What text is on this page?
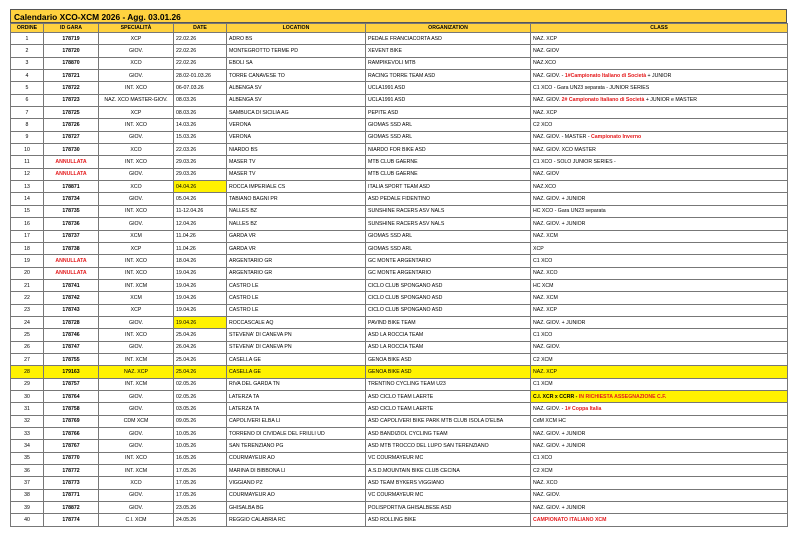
Calendario XCO-XCM 2026 - Agg. 03.01.26
ORDINE	ID GARA	SPECIALITÀ	DATE	LOCATION	ORGANIZATION	CLASS
1	178719	XCP	22.02.26	ADRO BS	PEDALE FRANCIACORTA ASD	NAZ. XCP
2	178720	GIOV.	22.02.26	MONTEGROTTO TERME PD	XEVENT BIKE	NAZ. GIOV
3	178870	XCO	22.02.26	EBOLI SA	RAMPIKEVOLI MTB	NAZ.XCO
4	178721	GIOV.	28.02-01.03.26	TORRE CANAVESE TO	RACING TORRE TEAM ASD	NAZ. GIOV. - 1#Campionato Italiano di Società + JUNIOR
5	178722	INT. XCO	06-07.03.26	ALBENGA SV	UCLA1991 ASD	C1 XCO - Gara UN23 separata - JUNIOR SERIES
6	178723	NAZ. XCO MASTER-GIOV.	08.03.26	ALBENGA SV	UCLA1991 ASD	NAZ. GIOV. 2# Campionato Italiano di Società + JUNIOR e MASTER
7	178725	XCP	08.03.26	SAMBUCA DI SICILIA AG	PEPITE ASD	NAZ. XCP
8	178726	INT. XCO	14.03.26	VERONA	GIOMAS SSD ARL	C2 XCO
9	178727	GIOV.	15.03.26	VERONA	GIOMAS SSD ARL	NAZ. GIOV. - MASTER - Campionato Inverno
10	178730	XCO	22.03.26	NIARDO BS	NIARDO FOR BIKE ASD	NAZ. GIOV. XCO MASTER
11	ANNULLATA	INT. XCO	29.03.26	MASER TV	MTB CLUB GAERNE	C1 XCO - SOLO JUNIOR SERIES -
12	ANNULLATA	GIOV.	29.03.26	MASER TV	MTB CLUB GAERNE	NAZ. GIOV
13	178871	XCO	04.04.26	ROCCA IMPERIALE CS	ITALIA SPORT TEAM ASD	NAZ.XCO
14	178734	GIOV.	05.04.26	TABIANO BAGNI PR	ASD PEDALE FIDENTINO	NAZ. GIOV. + JUNIOR
15	178735	INT. XCO	11-12.04.26	NALLES BZ	SUNSHINE RACERS ASV NALS	HC XCO - Gara UN23 separata
16	178736	GIOV.	12.04.26	NALLES BZ	SUNSHINE RACERS ASV NALS	NAZ. GIOV. + JUNIOR
17	178737	XCM	11.04.26	GARDA VR	GIOMAS SSD ARL	NAZ. XCM
18	178738	XCP	11.04.26	GARDA VR	GIOMAS SSD ARL	XCP
19	ANNULLATA	INT. XCO	18.04.26	ARGENTARIO GR	GC MONTE ARGENTARIO	C1 XCO
20	ANNULLATA	INT. XCO	19.04.26	ARGENTARIO GR	GC MONTE ARGENTARIO	NAZ. XCO
21	178741	INT. XCM	19.04.26	CASTRO LE	CICLO CLUB SPONGANO ASD	HC XCM
22	178742	XCM	19.04.26	CASTRO LE	CICLO CLUB SPONGANO ASD	NAZ. XCM
23	178743	XCP	19.04.26	CASTRO LE	CICLO CLUB SPONGANO ASD	NAZ. XCP
24	178728	GIOV.	19.04.26	ROCCASCALE AQ	PAVIND BIKE TEAM	NAZ. GIOV. + JUNIOR
25	178746	INT. XCO	25.04.26	STEVENA' DI CANEVA PN	ASD LA ROCCIA TEAM	C1 XCO
26	178747	GIOV.	26.04.26	STEVENA' DI CANEVA PN	ASD LA ROCCIA TEAM	NAZ. GIOV.
27	178755	INT. XCM	25.04.26	CASELLA GE	GENOA BIKE ASD	C2 XCM
28	179163	NAZ. XCP	25.04.26	CASELLA GE	GENOA BIKE ASD	NAZ. XCP
29	178757	INT. XCM	02.05.26	RIVA DEL GARDA TN	TRENTINO CYCLING TEAM U23	C1 XCM
30	178764	GIOV.	02.05.26	LATERZA TA	ASD CICLO TEAM LAERTE	C.I. XCR x CCRR - IN RICHIESTA ASSEGNAZIONE C.F.
31	178758	GIOV.	03.05.26	LATERZA TA	ASD CICLO TEAM LAERTE	NAZ. GIOV. - 1# Coppa Italia
32	178769	CDM XCM	09.05.26	CAPOLIVERI ELBA LI	ASD CAPOLIVERI BIKE PARK MTB CLUB ISOLA D'ELBA	CdM XCM HC
33	178766	GIOV.	10.05.26	TORRENO DI CIVIDALE DEL FRIULI UD	ASD BANDIZIOL CYCLING TEAM	NAZ. GIOV. + JUNIOR
34	178767	GIOV.	10.05.26	SAN TERENZIANO PG	ASD MTB TROCCO DEL LUPO SAN TERENZIANO	NAZ. GIOV. + JUNIOR
35	178770	INT. XCO	16.05.26	COURMAYEUR AO	VC COURMAYEUR MC	C1 XCO
36	178772	INT. XCM	17.05.26	MARINA DI BIBBONA LI	A.S.D.MOUNTAIN BIKE CLUB CECINA	C2 XCM
37	178773	XCO	17.05.26	VIGGIANO PZ	ASD TEAM BYKERS VIGGIANO	NAZ. XCO
38	178771	GIOV.	17.05.26	COURMAYEUR AO	VC COURMAYEUR MC	NAZ. GIOV.
39	178872	GIOV.	23.05.26	GHISALBA BG	POLISPORTIVA GHISALBESE ASD	NAZ. GIOV. + JUNIOR
40	178774	C.I. XCM	24.05.26	REGGIO CALABRIA RC	ASD ROLLING BIKE	CAMPIONATO ITALIANO XCM
